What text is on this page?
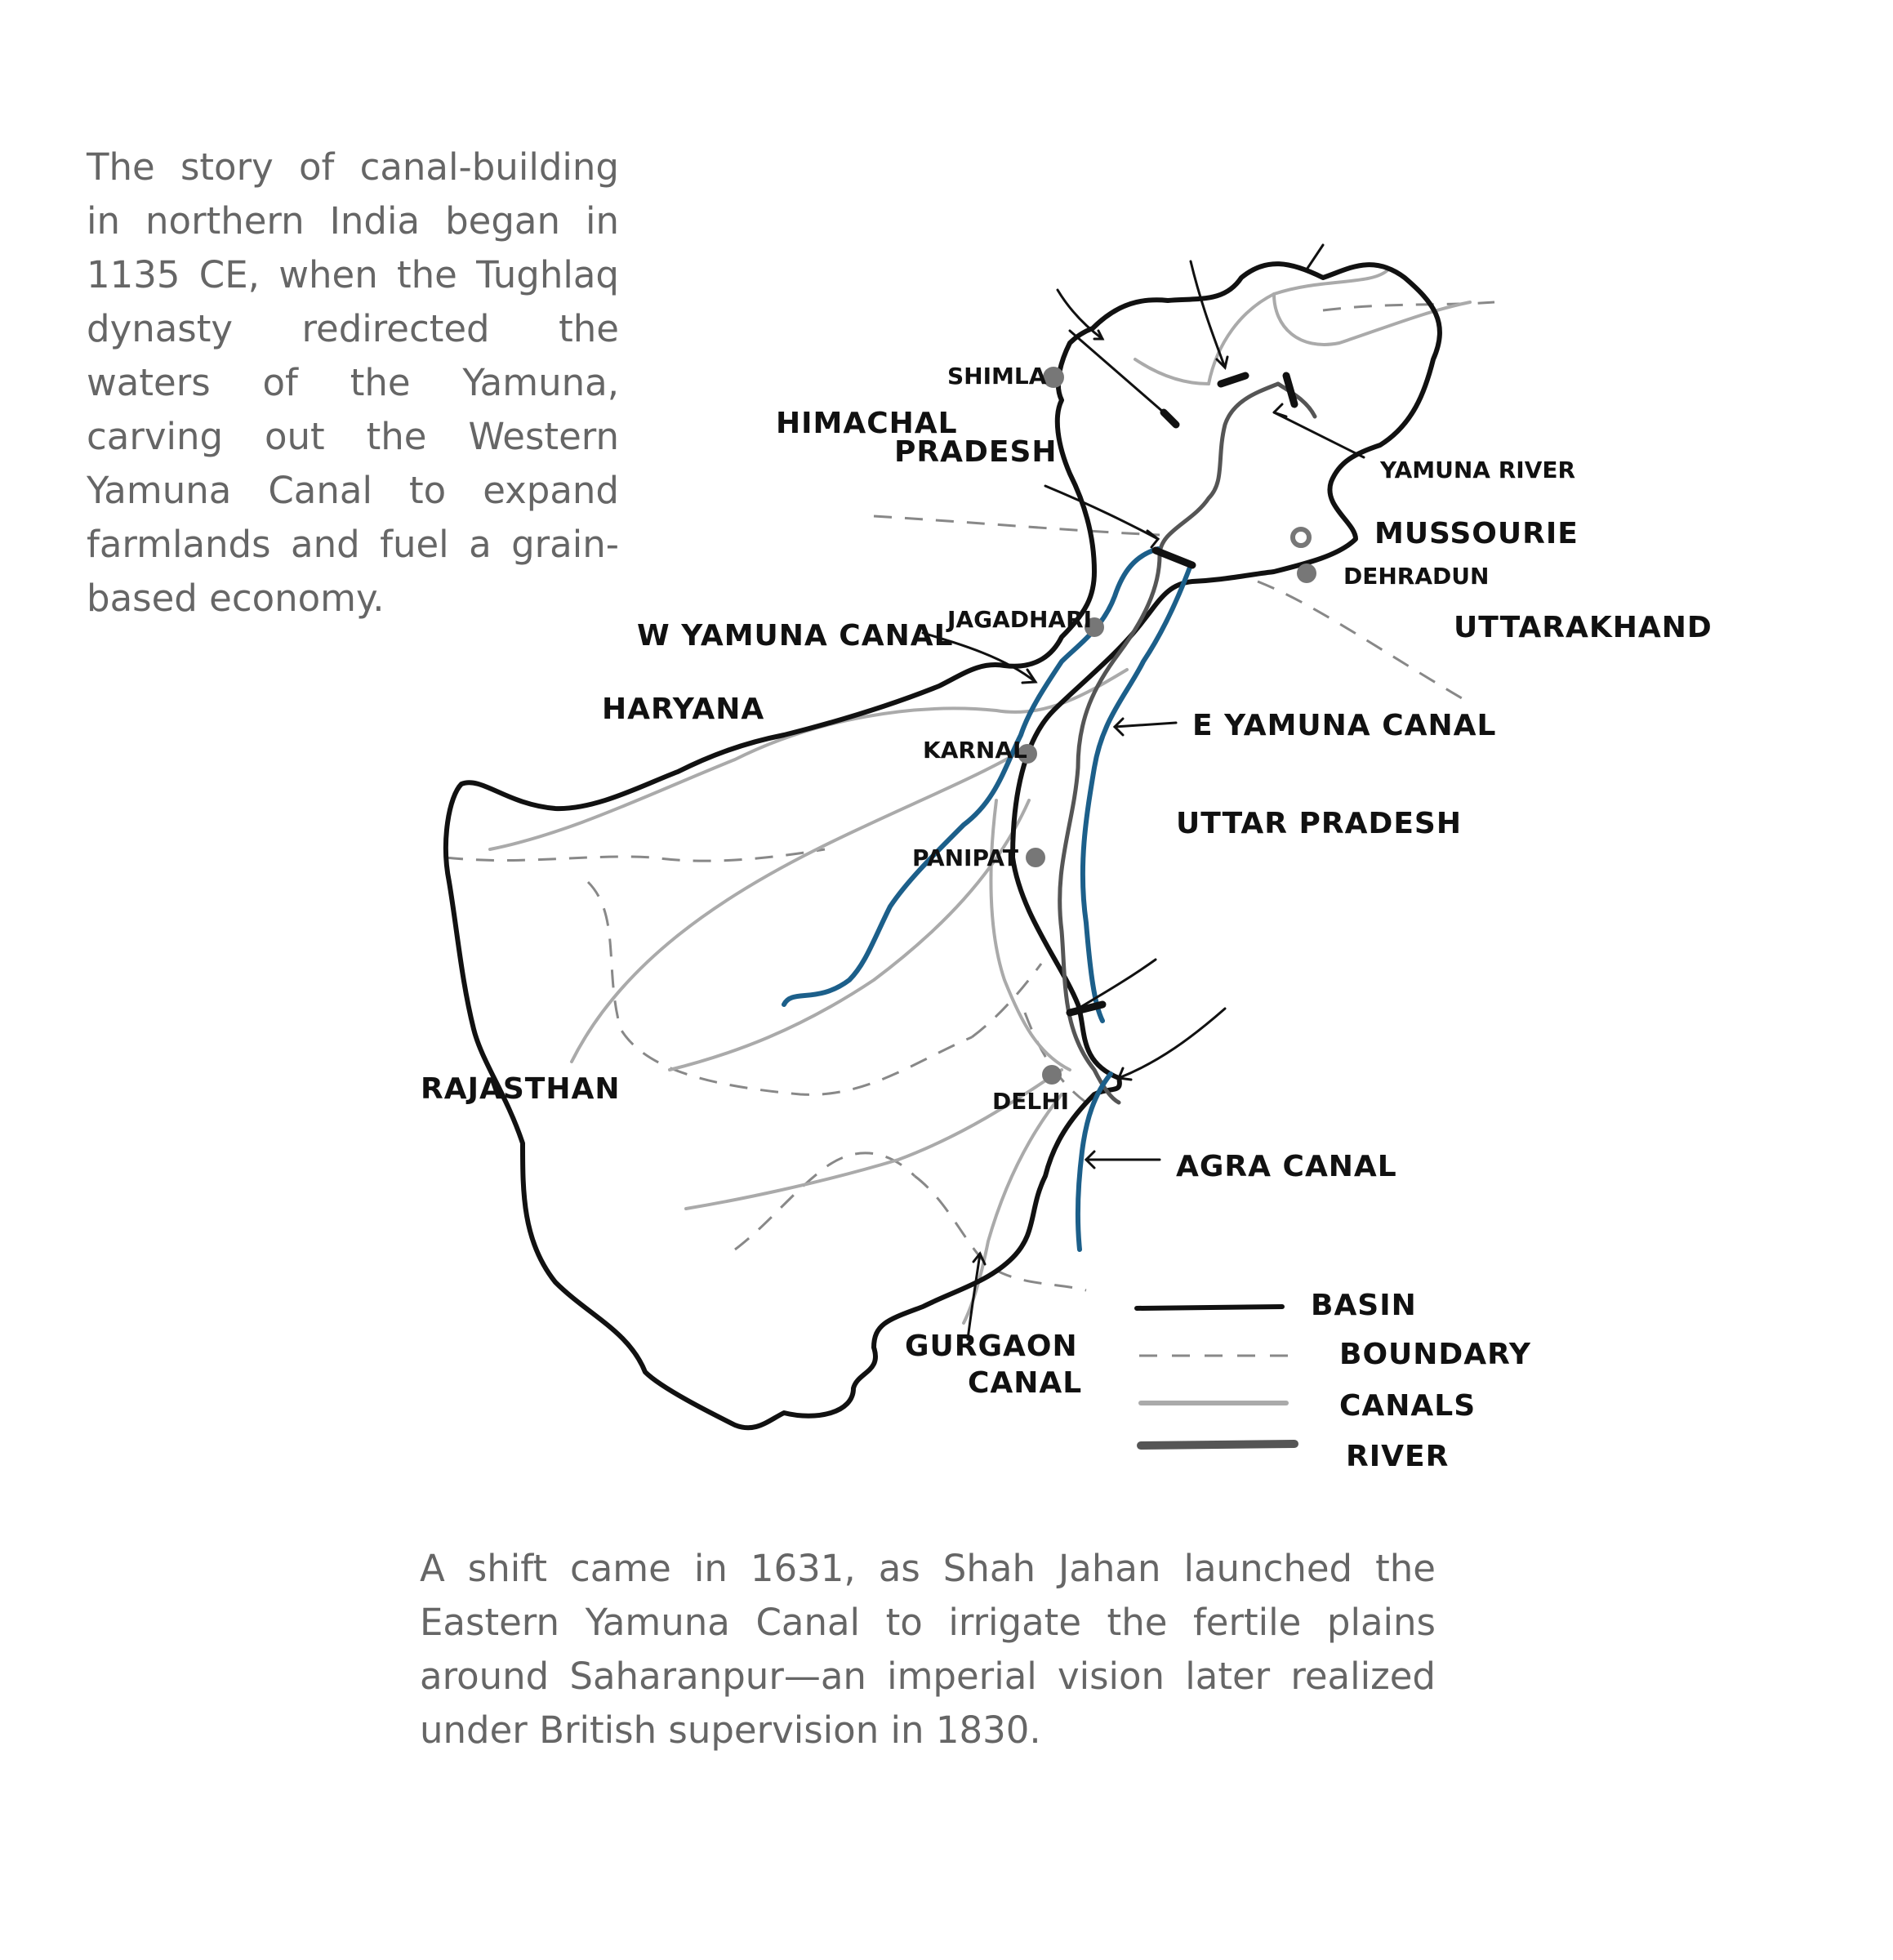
The story of canal-building in northern India began in 1135 CE, when the Tughlaq dynasty redirected the waters of the Yamuna, carving out the Western Yamuna Canal to expand farmlands and fuel a grain-based economy.

A shift came in 1631, as Shah Jahan launched the Eastern Yamuna Canal to irrigate the fertile plains around Saharanpur—an imperial vision later realized under British supervision in 1830.

HIMACHAL
PRADESH
UTTARAKHAND
HARYANA
UTTAR PRADESH
RAJASTHAN
SHIMLA
MUSSOURIE
DEHRADUN
JAGADHARI
KARNAL
PANIPAT
DELHI
YAMUNA RIVER
W YAMUNA CANAL
E YAMUNA CANAL
AGRA CANAL
GURGAON
CANAL
BASIN
BOUNDARY
CANALS
RIVER
